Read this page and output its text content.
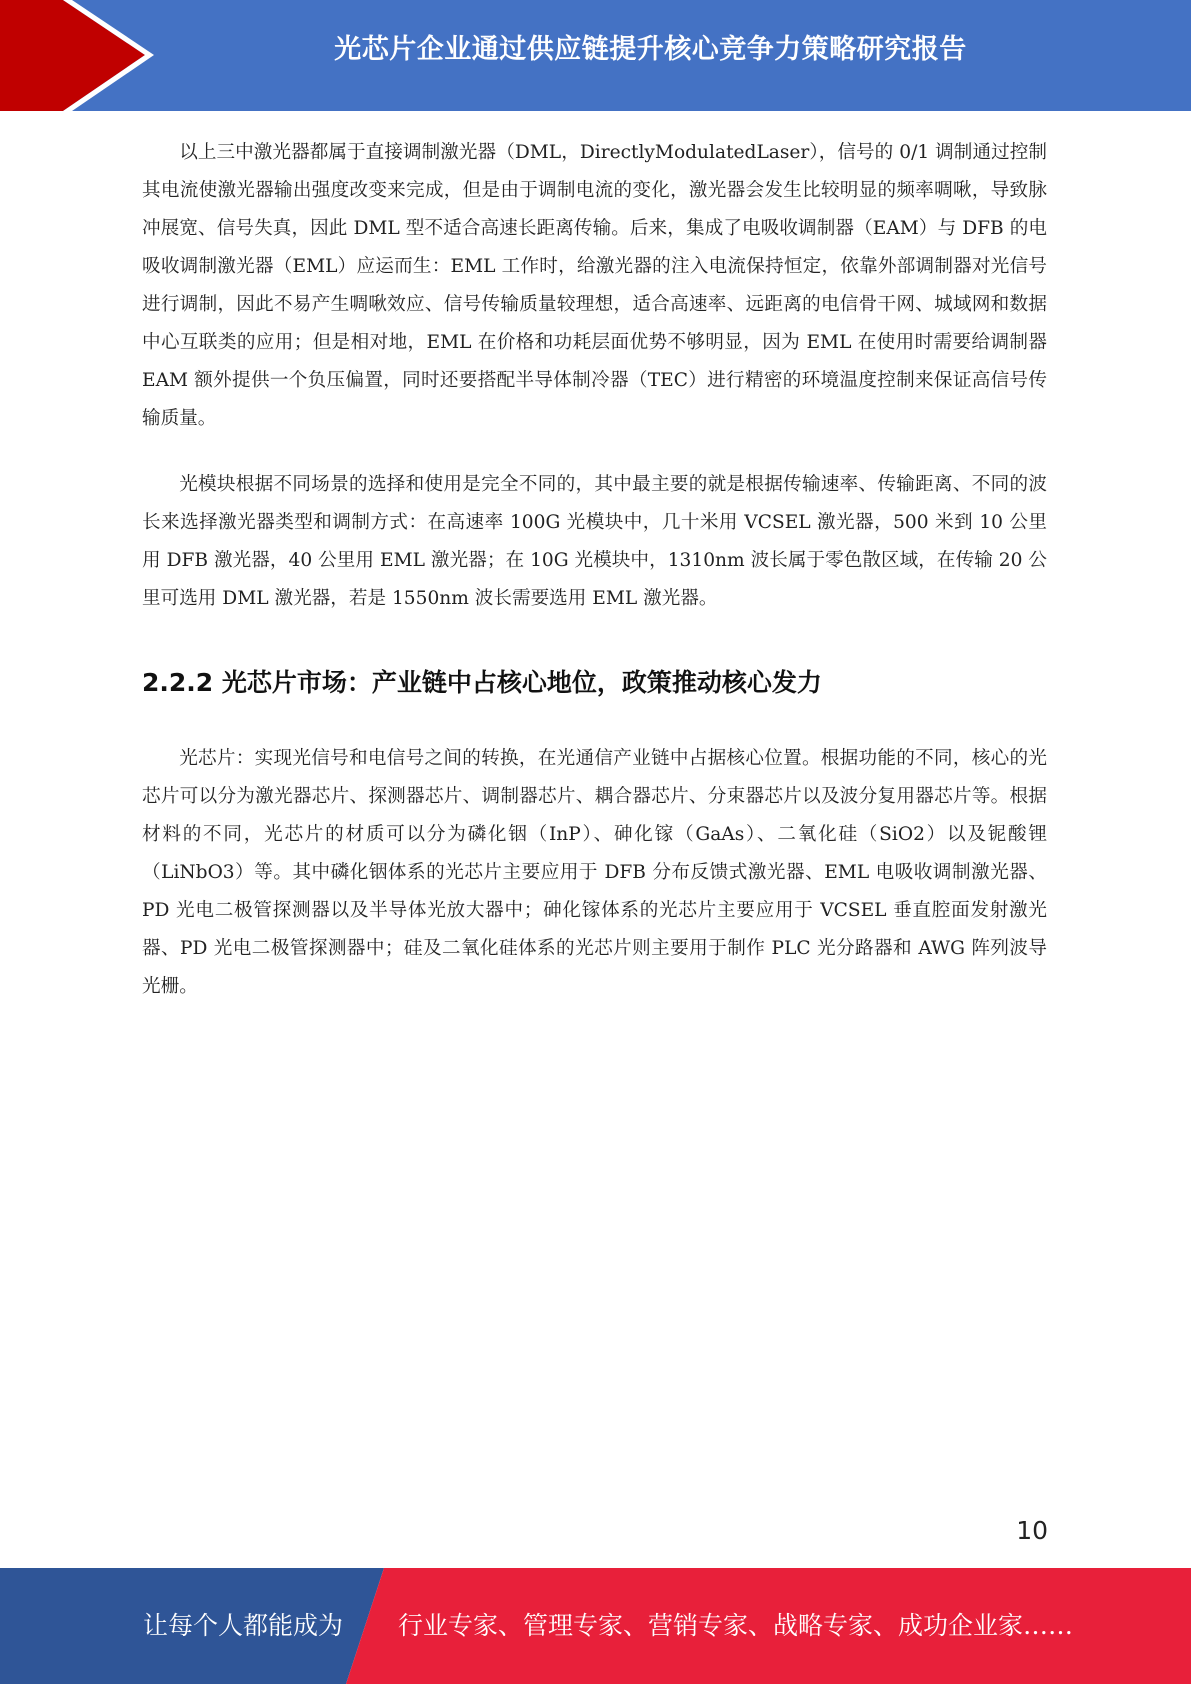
光芯片企业通过供应链提升核心竞争力策略研究报告

以上三中激光器都属于直接调制激光器（DML，DirectlyModulatedLaser），信号的 0/1 调制通过控制其电流使激光器输出强度改变来完成，但是由于调制电流的变化，激光器会发生比较明显的频率啁啾，导致脉冲展宽、信号失真，因此 DML 型不适合高速长距离传输。后来，集成了电吸收调制器（EAM）与 DFB 的电吸收调制激光器（EML）应运而生：EML 工作时，给激光器的注入电流保持恒定，依靠外部调制器对光信号进行调制，因此不易产生啁啾效应、信号传输质量较理想，适合高速率、远距离的电信骨干网、城域网和数据中心互联类的应用；但是相对地，EML 在价格和功耗层面优势不够明显，因为 EML 在使用时需要给调制器 EAM 额外提供一个负压偏置，同时还要搭配半导体制冷器（TEC）进行精密的环境温度控制来保证高信号传输质量。

光模块根据不同场景的选择和使用是完全不同的，其中最主要的就是根据传输速率、传输距离、不同的波长来选择激光器类型和调制方式：在高速率 100G 光模块中，几十米用 VCSEL 激光器，500 米到 10 公里用 DFB 激光器，40 公里用 EML 激光器；在 10G 光模块中，1310nm 波长属于零色散区域，在传输 20 公里可选用 DML 激光器，若是 1550nm 波长需要选用 EML 激光器。

2.2.2 光芯片市场：产业链中占核心地位，政策推动核心发力

光芯片：实现光信号和电信号之间的转换，在光通信产业链中占据核心位置。根据功能的不同，核心的光芯片可以分为激光器芯片、探测器芯片、调制器芯片、耦合器芯片、分束器芯片以及波分复用器芯片等。根据材料的不同，光芯片的材质可以分为磷化铟（InP）、砷化镓（GaAs）、二氧化硅（SiO2）以及铌酸锂（LiNbO3）等。其中磷化铟体系的光芯片主要应用于 DFB 分布反馈式激光器、EML 电吸收调制激光器、PD 光电二极管探测器以及半导体光放大器中；砷化镓体系的光芯片主要应用于 VCSEL 垂直腔面发射激光器、PD 光电二极管探测器中；硅及二氧化硅体系的光芯片则主要用于制作 PLC 光分路器和 AWG 阵列波导光栅。

10
让每个人都能成为 行业专家、管理专家、营销专家、战略专家、成功企业家……
